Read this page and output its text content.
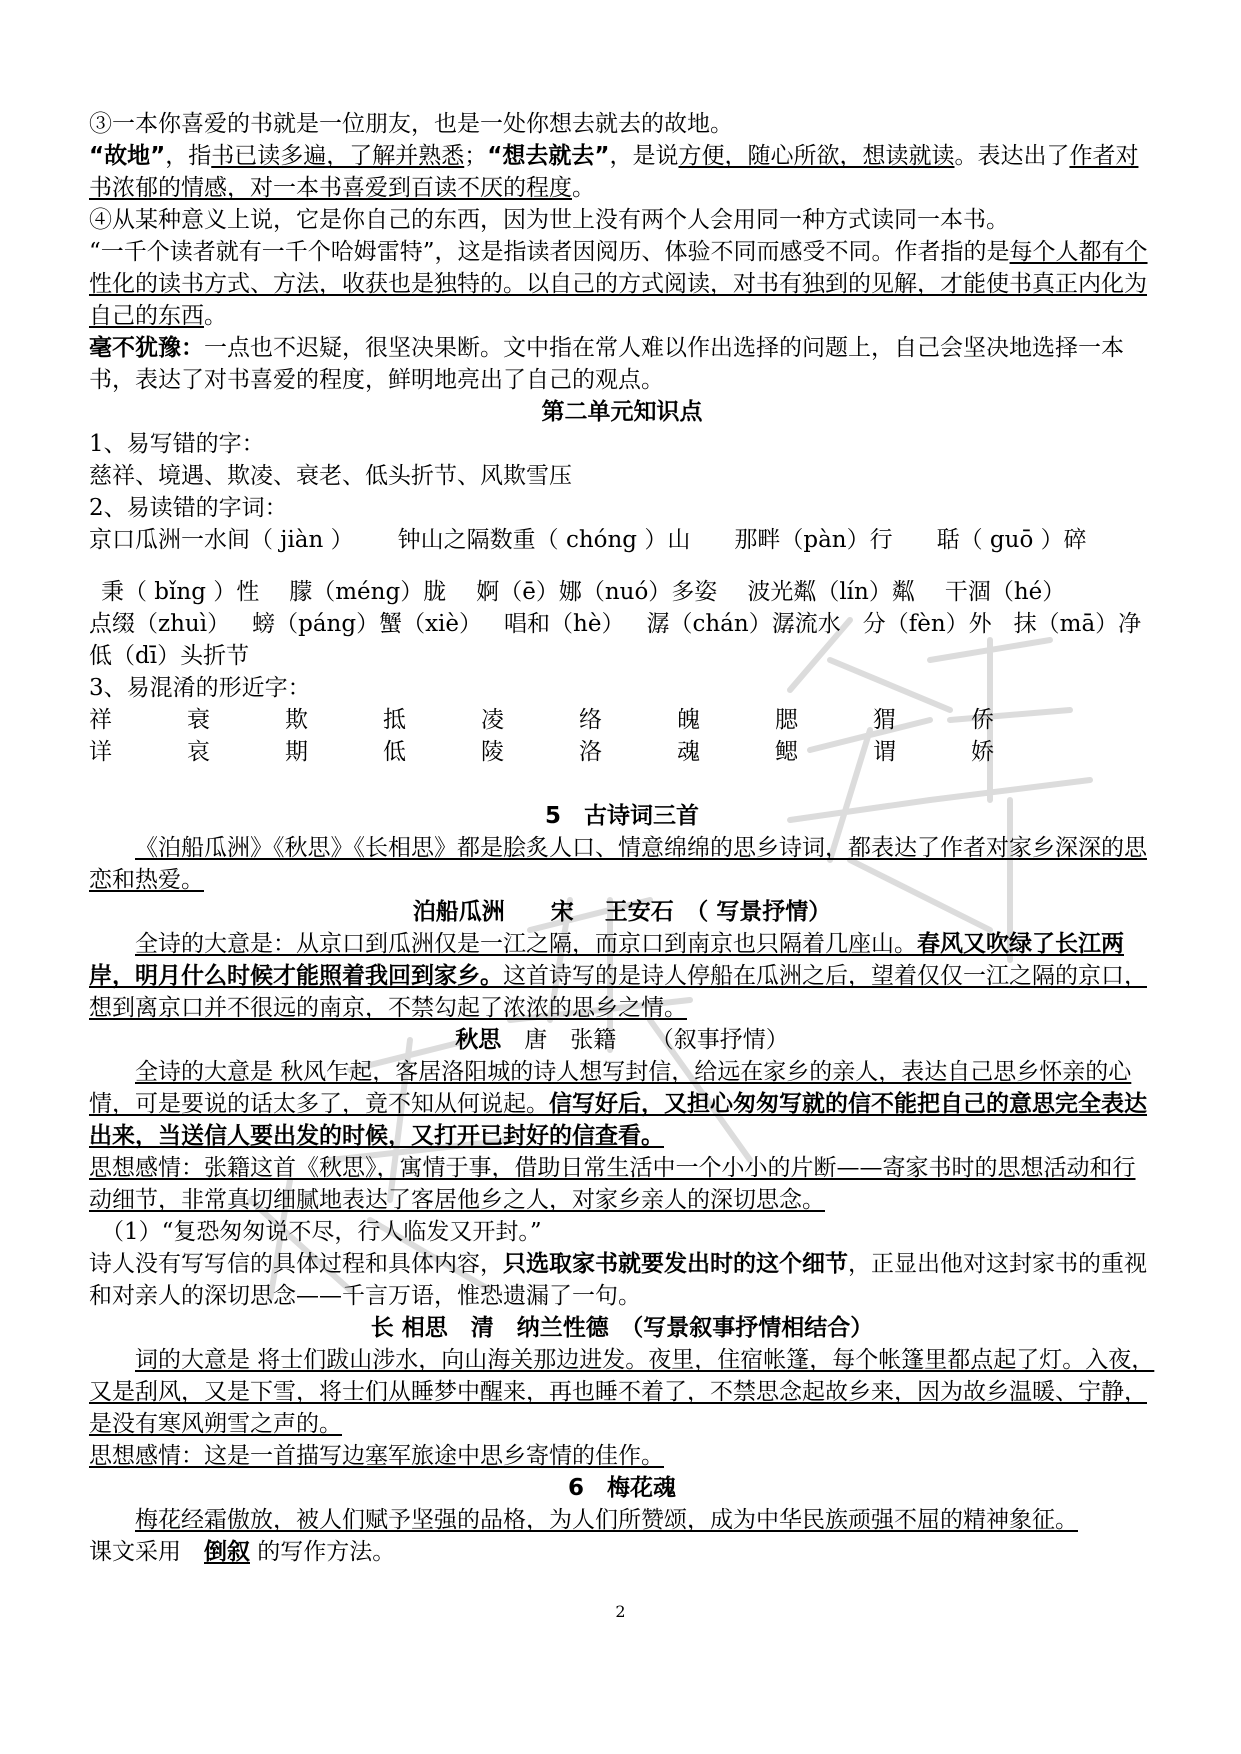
③一本你喜爱的书就是一位朋友，也是一处你想去就去的故地。

“故地”，指书已读多遍，了解并熟悉；“想去就去”，是说方便，随心所欲，想读就读。表达出了作者对书浓郁的情感，对一本书喜爱到百读不厌的程度。

④从某种意义上说，它是你自己的东西，因为世上没有两个人会用同一种方式读同一本书。

“一千个读者就有一千个哈姆雷特”，这是指读者因阅历、体验不同而感受不同。作者指的是每个人都有个性化的读书方式、方法，收获也是独特的。以自己的方式阅读，对书有独到的见解，才能使书真正内化为自己的东西。

毫不犹豫：一点也不迟疑，很坚决果断。文中指在常人难以作出选择的问题上，自己会坚决地选择一本书，表达了对书喜爱的程度，鲜明地亮出了自己的观点。

第二单元知识点

1、易写错的字：

慈祥、境遇、欺凌、衰老、低头折节、风欺雪压

2、易读错的字词：

京口瓜洲一水间（ jiàn ） 钟山之隔数重（ chóng ）山 那畔（pàn）行 聒（ guō ）碎

秉（ bǐng ）性 朦（méng）胧 婀（ē）娜（nuó）多姿 波光粼（lín）粼 干涸（hé）

点缀（zhuì） 螃（páng）蟹（xiè） 唱和（hè） 潺（chán）潺流水 分（fèn）外 抹（mā）净

低（dī）头折节

3、易混淆的形近字：

祥	衰	欺	抵	凌	络	魄	腮	猬	侨

详	哀	期	低	陵	洛	魂	鳃	谓	娇

5　古诗词三首

《泊船瓜洲》《秋思》《长相思》都是脍炙人口、情意绵绵的思乡诗词，都表达了作者对家乡深深的思恋和热爱。

泊船瓜洲　　宋　 王安石　（ 写景抒情）

全诗的大意是：从京口到瓜洲仅是一江之隔，而京口到南京也只隔着几座山。春风又吹绿了长江两岸，明月什么时候才能照着我回到家乡。这首诗写的是诗人停船在瓜洲之后，望着仅仅一江之隔的京口，想到离京口并不很远的南京，不禁勾起了浓浓的思乡之情。

秋思　唐　张籍　　（叙事抒情）

全诗的大意是 秋风乍起，客居洛阳城的诗人想写封信，给远在家乡的亲人，表达自己思乡怀亲的心情，可是要说的话太多了，竟不知从何说起。信写好后，又担心匆匆写就的信不能把自己的意思完全表达出来，当送信人要出发的时候，又打开已封好的信查看。

思想感情：张籍这首《秋思》，寓情于事，借助日常生活中一个小小的片断——寄家书时的思想活动和行动细节，非常真切细腻地表达了客居他乡之人，对家乡亲人的深切思念。

（1）“复恐匆匆说不尽，行人临发又开封。”

诗人没有写写信的具体过程和具体内容，只选取家书就要发出时的这个细节，正显出他对这封家书的重视和对亲人的深切思念——千言万语，惟恐遗漏了一句。

长 相思　清　纳兰性德　（写景叙事抒情相结合）

词的大意是 将士们跋山涉水，向山海关那边进发。夜里，住宿帐篷，每个帐篷里都点起了灯。入夜，又是刮风，又是下雪，将士们从睡梦中醒来，再也睡不着了，不禁思念起故乡来，因为故乡温暖、宁静，是没有寒风朔雪之声的。

思想感情：这是一首描写边塞军旅途中思乡寄情的佳作。

6　梅花魂

梅花经霜傲放，被人们赋予坚强的品格，为人们所赞颂，成为中华民族顽强不屈的精神象征。

课文采用　倒叙 的写作方法。

2
